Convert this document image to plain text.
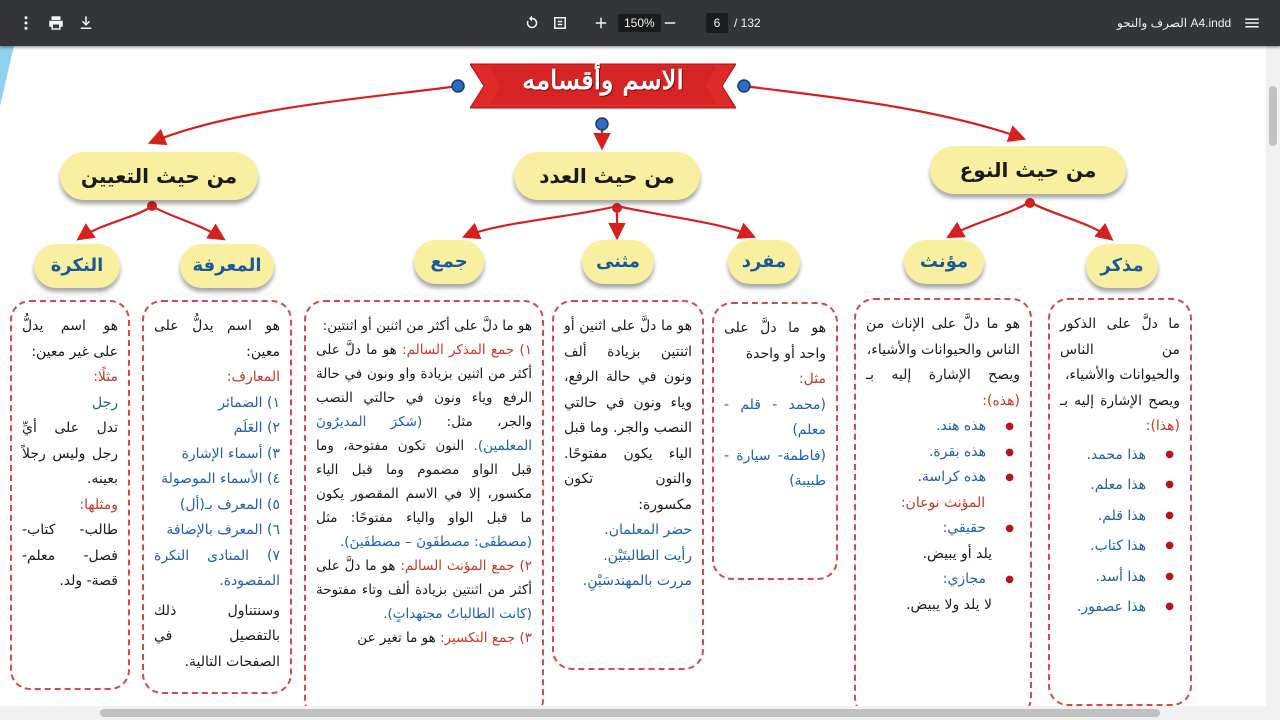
150%
6	/ 132	الصرف والنحو A4.indd
الاسم وأقسامه
من حيث التعيين	من حيث العدد	من حيث النوع
النكرة	المعرفة	جمع	مثنى	مفرد	مؤنث	مذكر

هو اسم يدلُّ على غير معين:

مثلًا:

رجل

تدل على أيِّ رجل وليس رجلاً بعينه.

ومثلها:

طالب- كتاب- فصل- معلم- قصة- ولد.

هو اسم يدلُّ على معين:

المعارف:

١) الضمائر

٢) العَلَم

٣) أسماء الإشارة

٤) الأسماء الموصولة

٥) المعرف بـ(أل)

٦) المعرف بالإضافة

٧) المنادى النكرة المقصودة.

وسنتناول ذلك بالتفصيل في الصفحات التالية.

هو ما دلَّ على أكثر من اثنين أو اثنتين:

١) جمع المذكر السالم: هو ما دلَّ على أكثر من اثنين بزيادة واو ونون في حالة الرفع وياء ونون في حالتي النصب والجر، مثل: (شكرَ المديرُونَ المعلمين). النون تكون مفتوحة، وما قبل الواو مضموم وما قبل الياء مكسور، إلا في الاسم المقصور يكون ما قبل الواو والياء مفتوحًا: مثل (مصطفَى: مصطفَونَ – مصطفَينَ).

٢) جمع المؤنث السالم: هو ما دلَّ على أكثر من اثنتين بزيادة ألف وتاء مفتوحة (كانت الطالباتُ مجتهداتٍ).

٣) جمع التكسير: هو ما تغير عن

هو ما دلَّ على اثنين أو اثنتين بزيادة ألف ونون في حالة الرفع، وياء ونون في حالتي النصب والجر. وما قبل الياء يكون مفتوحًا. والنون تكون مكسورة:

حضر المعلمان.

رأيت الطالبتَيْن.

مررت بالمهندسَيْنِ.

هو ما دلَّ على واحد أو واحدة

مثل:

(محمد - قلم - معلم)

(فاطمة- سيارة - طبيبة)

هو ما دلَّ على الإناث من الناس والحيوانات والأشياء،

ويصح الإشارة إليه بـ (هذه):

● هذه هند.
● هذه بقرة.
● هذه كراسة.

المؤنث نوعان:

● حقيقي:

يلد أو يبيض.

● مجازي:

لا يلد ولا يبيض.

ما دلَّ على الذكور من الناس والحيوانات والأشياء،

ويصح الإشارة إليه بـ (هذا):

● هذا محمد.
● هذا معلم.
● هذا قلم.
● هذا كتاب.
● هذا أسد.
● هذا عصفور.
